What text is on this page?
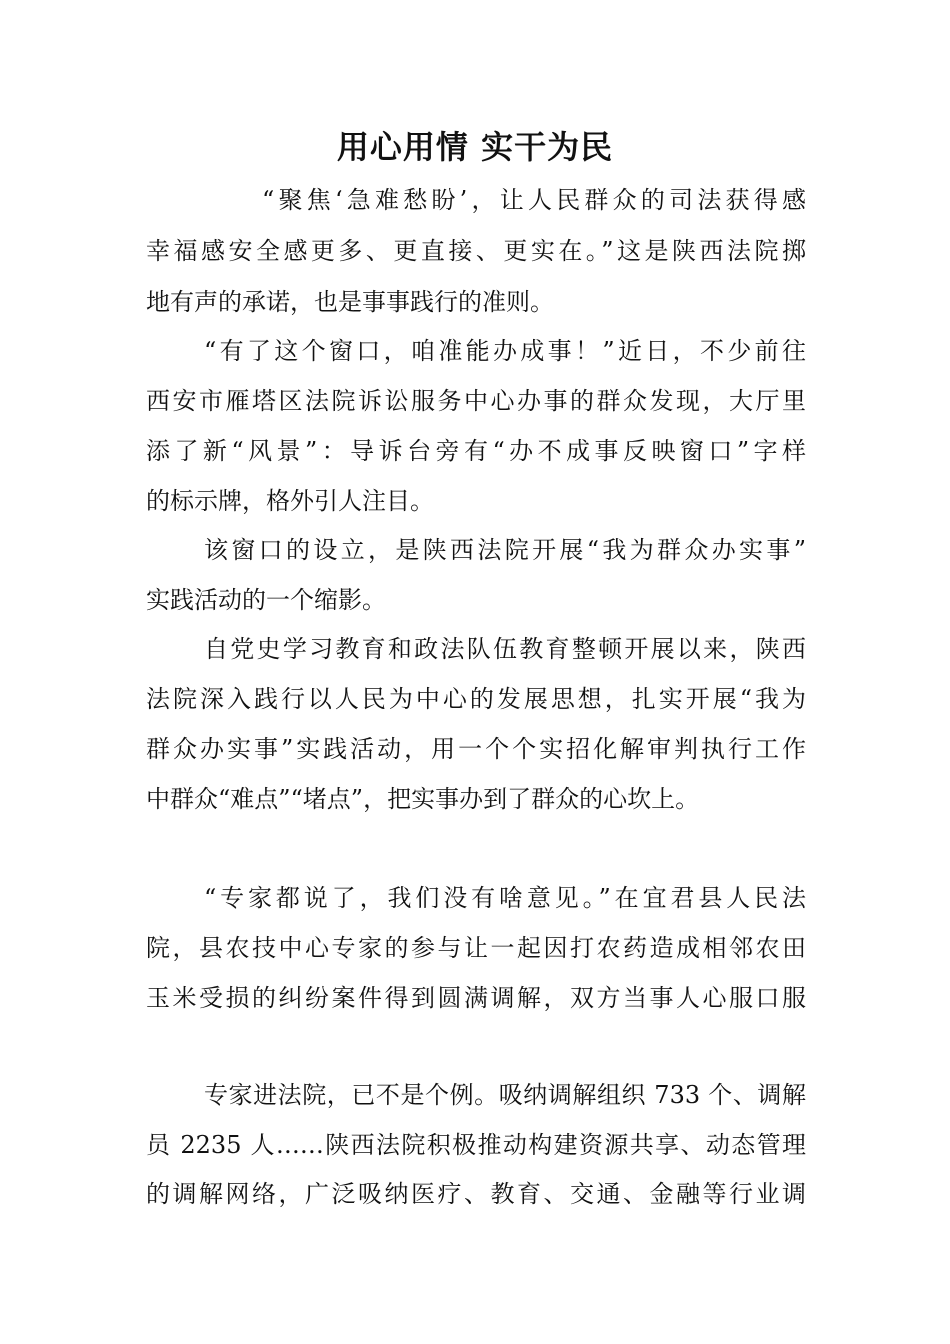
用心用情 实干为民
“聚焦‘急难愁盼’，让人民群众的司法获得感
幸福感安全感更多、更直接、更实在。”这是陕西法院掷
地有声的承诺，也是事事践行的准则。
“有了这个窗口，咱准能办成事！”近日，不少前往
西安市雁塔区法院诉讼服务中心办事的群众发现，大厅里
添了新“风景”：导诉台旁有“办不成事反映窗口”字样
的标示牌，格外引人注目。
该窗口的设立，是陕西法院开展“我为群众办实事”
实践活动的一个缩影。
自党史学习教育和政法队伍教育整顿开展以来，陕西
法院深入践行以人民为中心的发展思想，扎实开展“我为
群众办实事”实践活动，用一个个实招化解审判执行工作
中群众“难点”“堵点”，把实事办到了群众的心坎上。
“专家都说了，我们没有啥意见。”在宜君县人民法
院，县农技中心专家的参与让一起因打农药造成相邻农田
玉米受损的纠纷案件得到圆满调解，双方当事人心服口服
专家进法院，已不是个例。吸纳调解组织 733 个、调解
员 2235 人……陕西法院积极推动构建资源共享、动态管理
的调解网络，广泛吸纳医疗、教育、交通、金融等行业调
